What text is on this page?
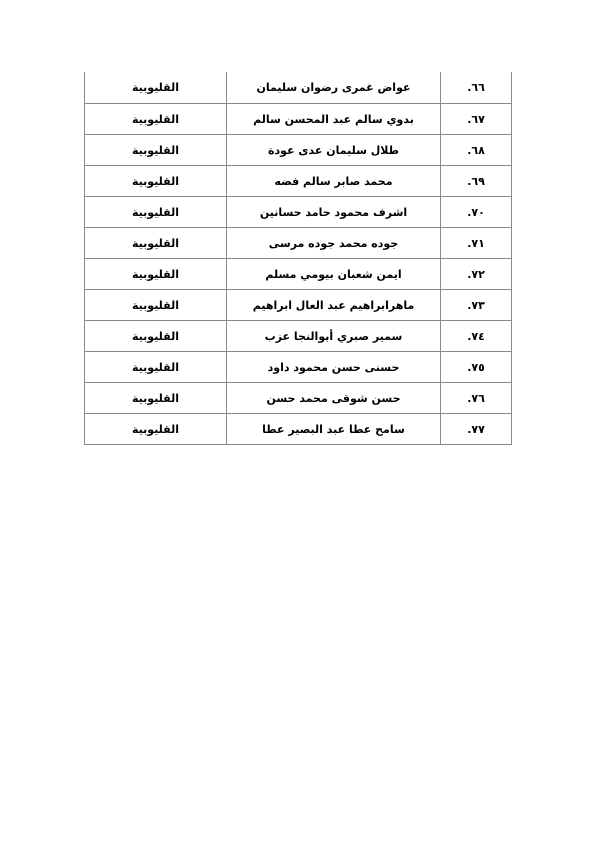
٦٦.	عواض غمرى رضوان سليمان	القليوبية
٦٧.	بدوي سالم عبد المحسن سالم	القليوبية
٦٨.	طلال سليمان عدى عودة	القليوبية
٦٩.	محمد صابر سالم فضه	القليوبية
٧٠.	اشرف محمود حامد حسانين	القليوبية
٧١.	جوده محمد جوده مرسى	القليوبية
٧٢.	ايمن شعبان بيومي مسلم	القليوبية
٧٣.	ماهرابراهيم عبد العال ابراهيم	القليوبية
٧٤.	سمير صبري أبوالنجا عزب	القليوبية
٧٥.	حسنى حسن محمود داود	القليوبية
٧٦.	حسن شوقى محمد حسن	القليوبية
٧٧.	سامح عطا عبد البصير عطا	القليوبية
